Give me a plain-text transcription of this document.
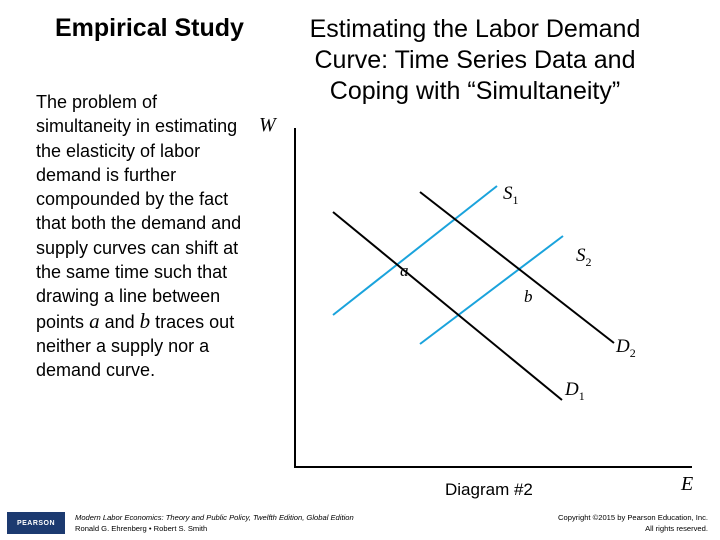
Empirical Study	Estimating the Labor Demand
Curve: Time Series Data and
Coping with “Simultaneity”
The problem of simultaneity in estimating the elasticity of labor demand is further compounded by the fact that both the demand and supply curves can shift at the same time such that drawing a line between points a and b traces out neither a supply nor a demand curve.
W
E
Diagram #2
$S_1$
$S_2$
$D_2$
$D_1$
a
b
PEARSON
Modern Labor Economics: Theory and Public Policy, Twelfth Edition, Global Edition
Ronald G. Ehrenberg • Robert S. Smith
Copyright ©2015 by Pearson Education, Inc.
All rights reserved.
